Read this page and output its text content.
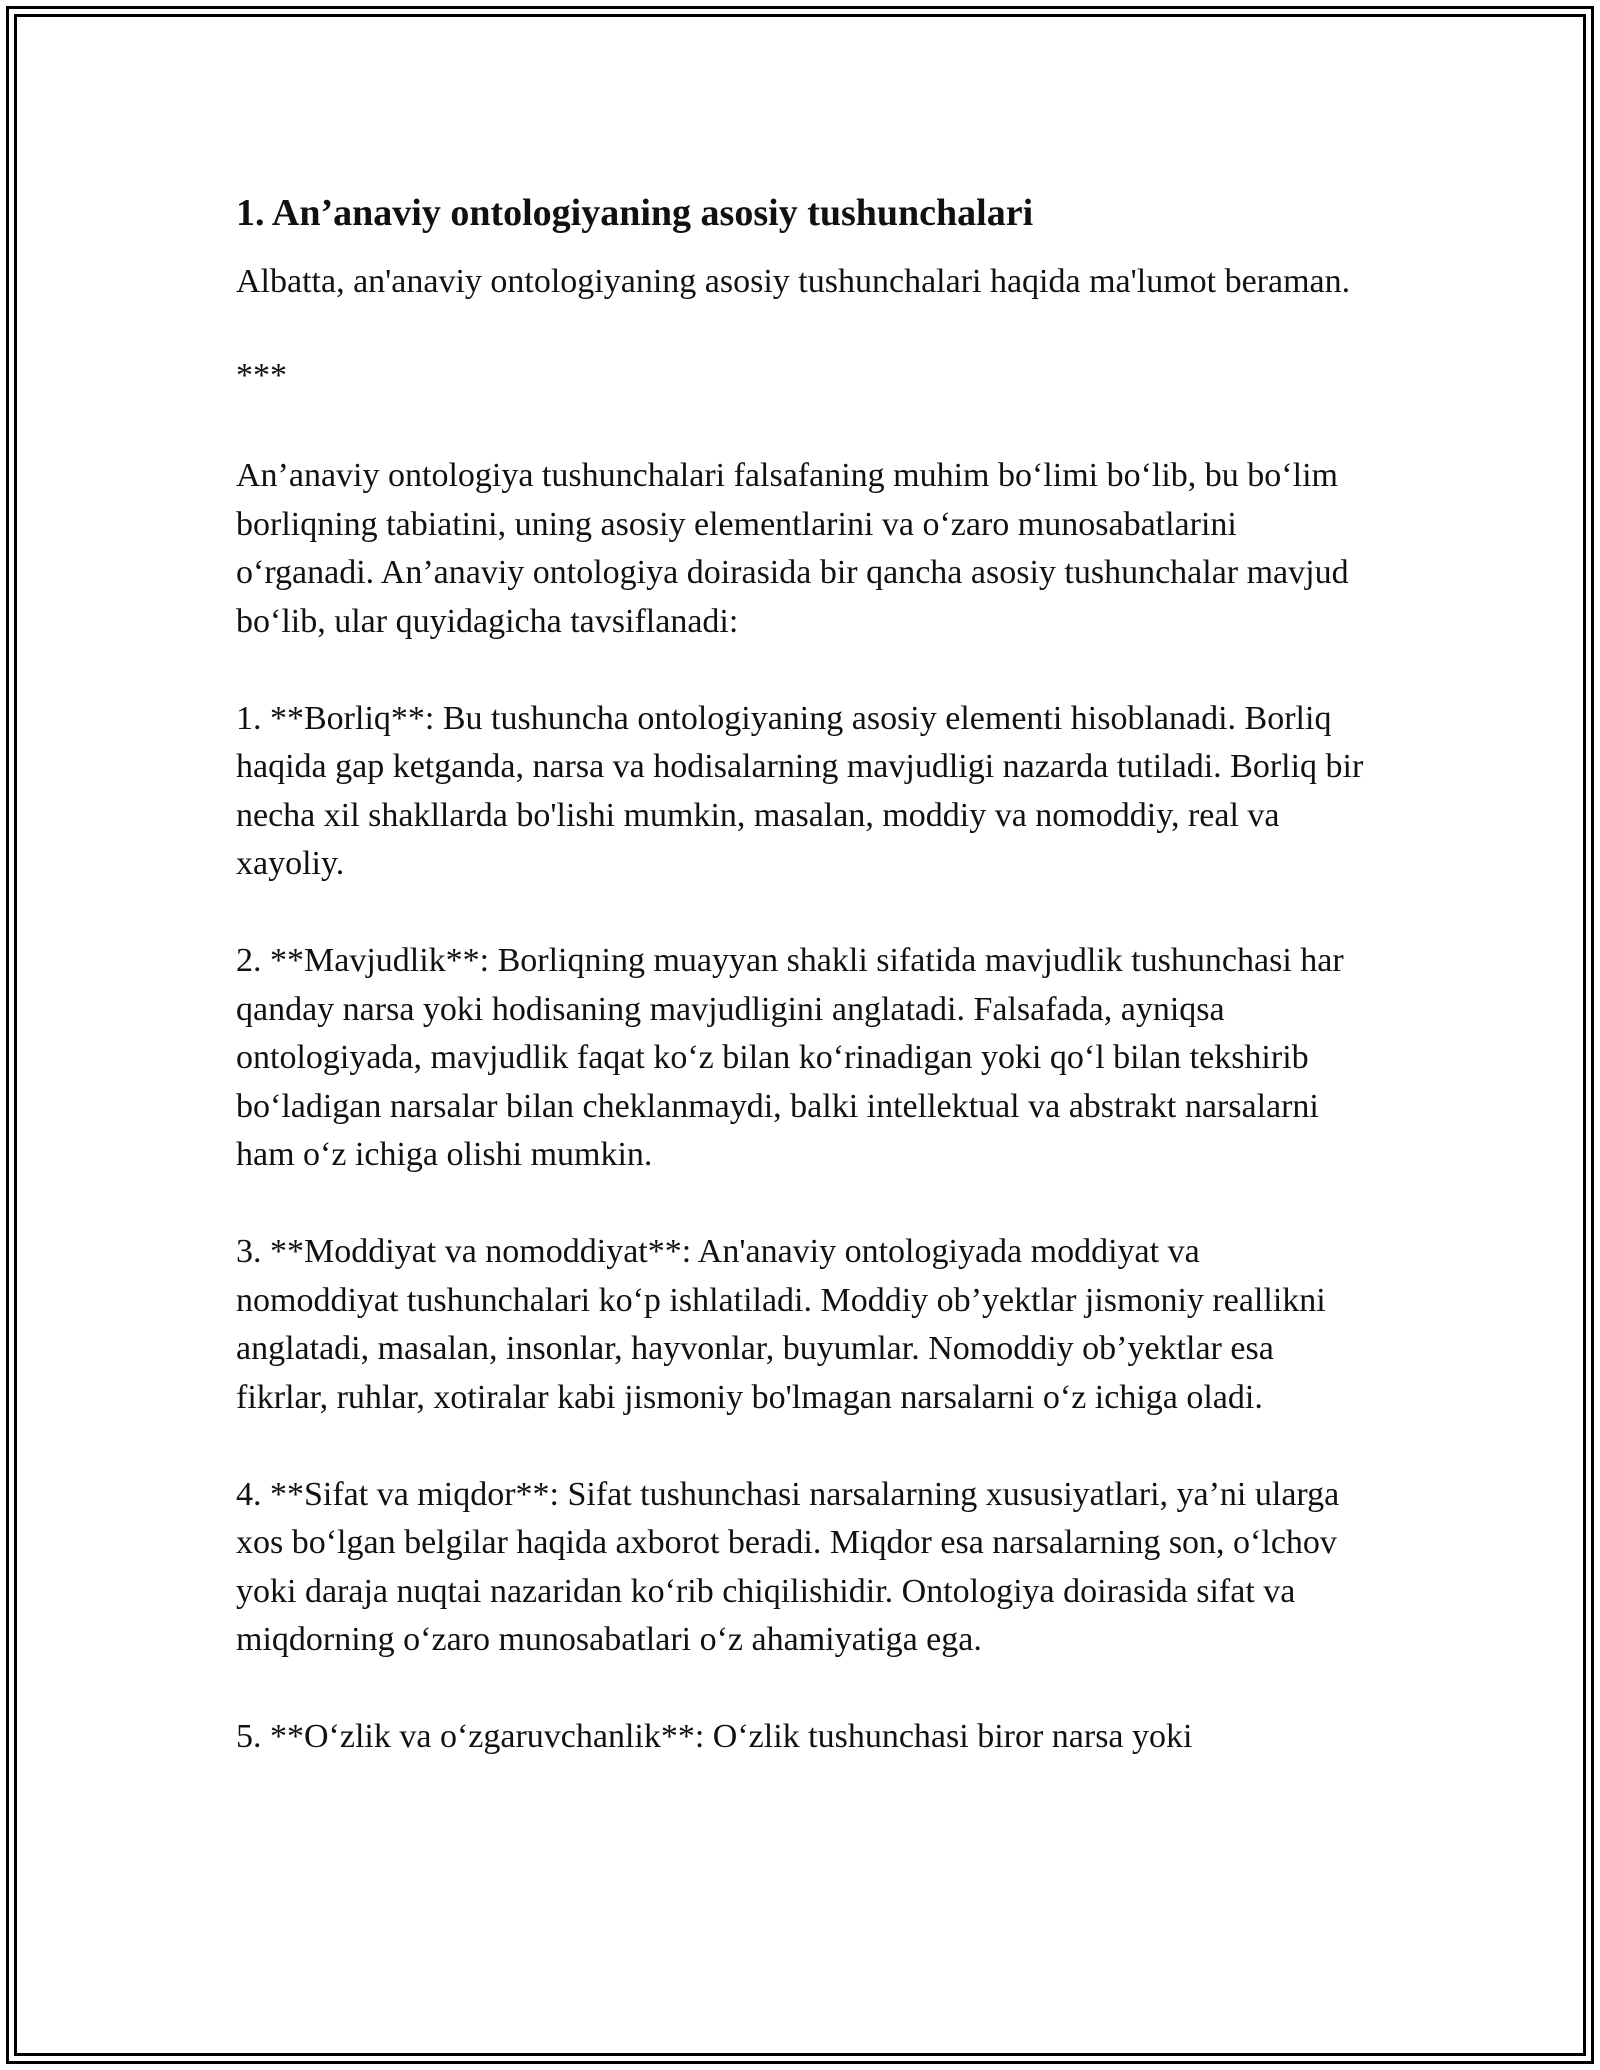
1. An’anaviy ontologiyaning asosiy tushunchalari

Albatta, an'anaviy ontologiyaning asosiy tushunchalari haqida ma'lumot beraman.

***

An’anaviy ontologiya tushunchalari falsafaning muhim bo‘limi bo‘lib, bu bo‘lim borliqning tabiatini, uning asosiy elementlarini va o‘zaro munosabatlarini o‘rganadi. An’anaviy ontologiya doirasida bir qancha asosiy tushunchalar mavjud bo‘lib, ular quyidagicha tavsiflanadi:

1. **Borliq**: Bu tushuncha ontologiyaning asosiy elementi hisoblanadi. Borliq haqida gap ketganda, narsa va hodisalarning mavjudligi nazarda tutiladi. Borliq bir necha xil shakllarda bo'lishi mumkin, masalan, moddiy va nomoddiy, real va xayoliy.

2. **Mavjudlik**: Borliqning muayyan shakli sifatida mavjudlik tushunchasi har qanday narsa yoki hodisaning mavjudligini anglatadi. Falsafada, ayniqsa ontologiyada, mavjudlik faqat ko‘z bilan ko‘rinadigan yoki qo‘l bilan tekshirib bo‘ladigan narsalar bilan cheklanmaydi, balki intellektual va abstrakt narsalarni ham o‘z ichiga olishi mumkin.

3. **Moddiyat va nomoddiyat**: An'anaviy ontologiyada moddiyat va nomoddiyat tushunchalari ko‘p ishlatiladi. Moddiy ob’yektlar jismoniy reallikni anglatadi, masalan, insonlar, hayvonlar, buyumlar. Nomoddiy ob’yektlar esa fikrlar, ruhlar, xotiralar kabi jismoniy bo'lmagan narsalarni o‘z ichiga oladi.

4. **Sifat va miqdor**: Sifat tushunchasi narsalarning xususiyatlari, ya’ni ularga xos bo‘lgan belgilar haqida axborot beradi. Miqdor esa narsalarning son, o‘lchov yoki daraja nuqtai nazaridan ko‘rib chiqilishidir. Ontologiya doirasida sifat va miqdorning o‘zaro munosabatlari o‘z ahamiyatiga ega.

5. **O‘zlik va o‘zgaruvchanlik**: O‘zlik tushunchasi biror narsa yoki
